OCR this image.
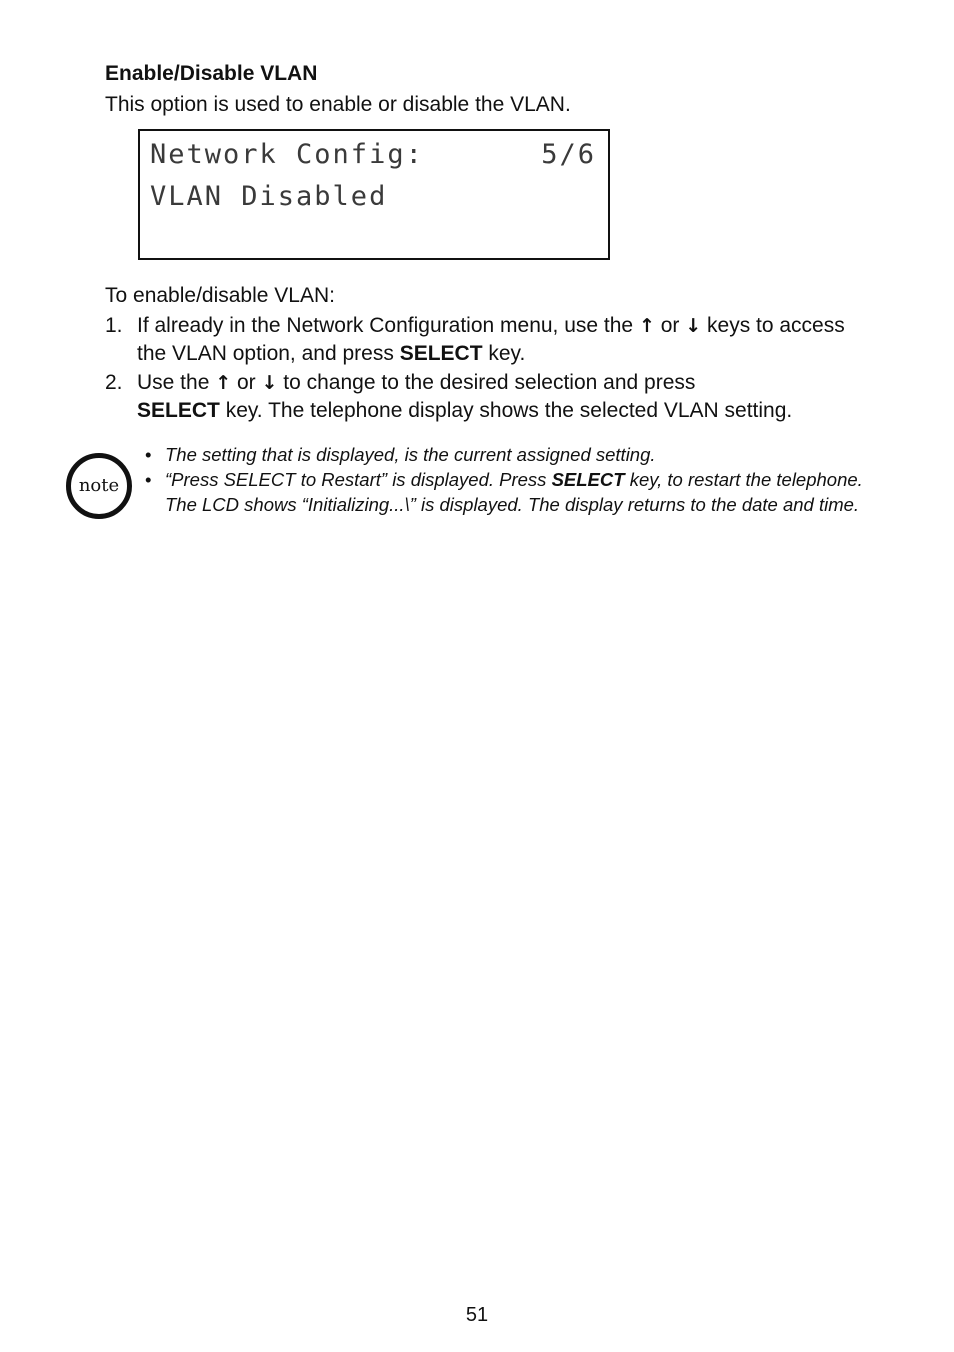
Enable/Disable VLAN

This option is used to enable or disable the VLAN.

Network Config:	5/6
VLAN Disabled

To enable/disable VLAN:

1. If already in the Network Configuration menu, use the ↑ or ↓ keys to access the VLAN option, and press SELECT key.
2. Use the ↑ or ↓ to change to the desired selection and press
SELECT key. The telephone display shows the selected VLAN setting.
note
• The setting that is displayed, is the current assigned setting.
• “Press SELECT to Restart” is displayed. Press SELECT key, to restart the telephone. The LCD shows “Initializing...\” is displayed. The display returns to the date and time.
51
